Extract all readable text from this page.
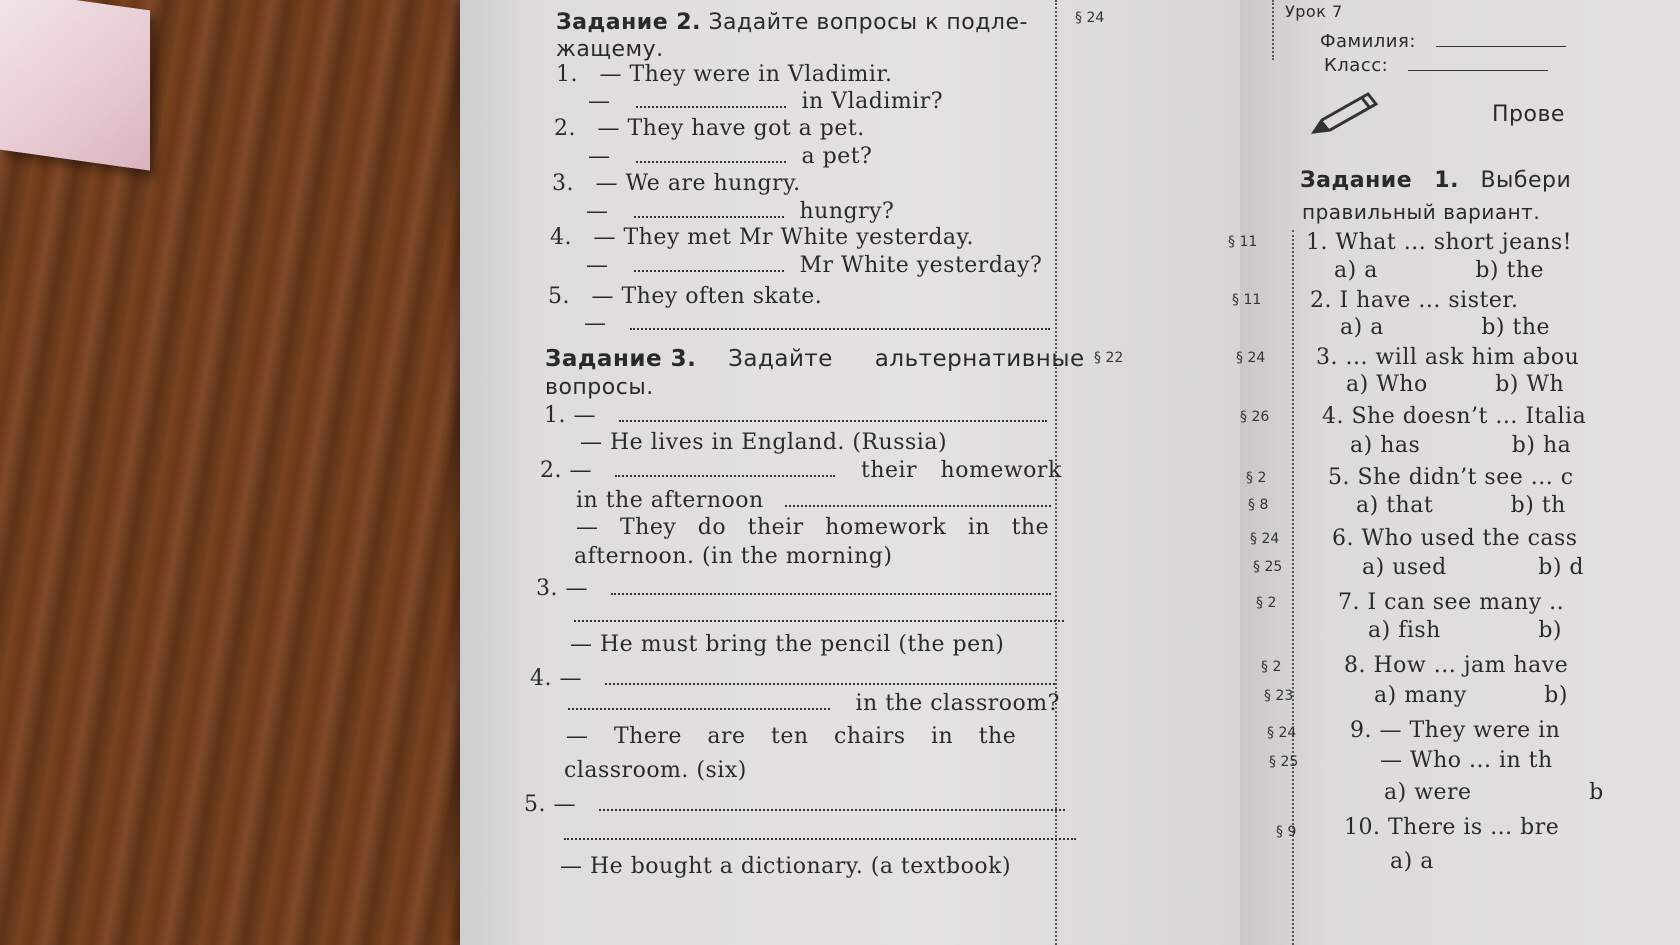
Задание 2. Задайте вопросы к подле-
жащему.
§ 24
1. — They were in Vladimir.
—	in Vladimir?
2. — They have got a pet.
—	a pet?
3. — We are hungry.
—	hungry?
4. — They met Mr White yesterday.
—	Mr White yesterday?
5. — They often skate.
—
Задание 3. Задайте альтернативные
вопросы.
§ 22
1. —
— He lives in England. (Russia)
2. —	their homework
in the afternoon
— They do their homework in the
afternoon. (in the morning)
3. —
— He must bring the pencil (the pen)
4. —
in the classroom?
— There are ten chairs in the
classroom. (six)
5. —
— He bought a dictionary. (a textbook)
Урок 7
Фамилия:
Класс:
Прове
Задание 1. Выбери
правильный вариант.
§ 11
§ 11
§ 24
§ 26
§ 2
§ 8
§ 24
§ 25
§ 2
§ 2
§ 23
§ 24
§ 25
§ 9
1. What ... short jeans!
a) a	b) the
2. I have ... sister.
a) a	b) the
3. ... will ask him abou
a) Who	b) Wh
4. She doesn’t ... Italia
a) has	b) ha
5. She didn’t see ... c
a) that	b) th
6. Who used the cass
a) used	b) d
7. I can see many ..
a) fish	b)
8. How ... jam have
a) many	b)
9. — They were in
— Who ... in th
a) were	b
10. There is ... bre
a) a
